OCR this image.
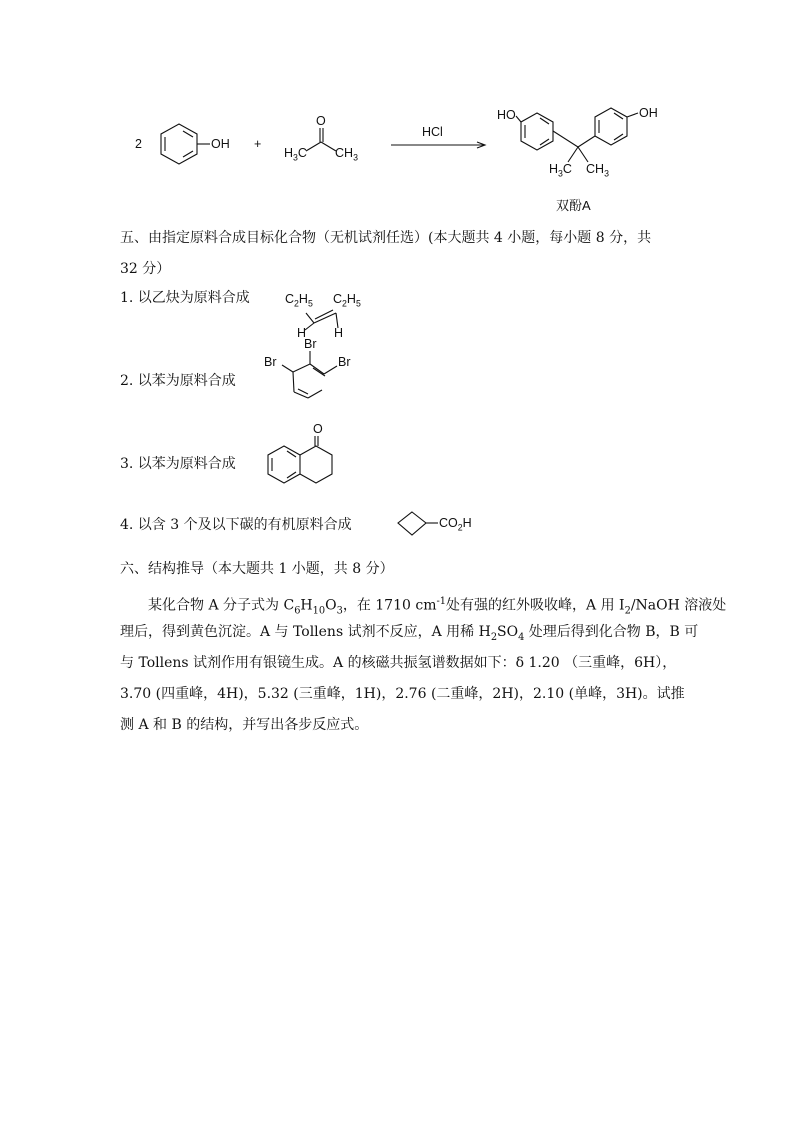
2	OH +
O
$H_3C$ $CH_3$
HCl
HO	OH
$H_3C$ $CH_3$
双酚A
五、由指定原料合成目标化合物（无机试剂任选）(本大题共 4 小题，每小题 8 分，共
32 分）
1. 以乙炔为原料合成	$C_2H_5$ $C_2H_5$
H H
2. 以苯为原料合成
Br
Br	Br
3. 以苯为原料合成
O
4. 以含 3 个及以下碳的有机原料合成	$CO_2H$
六、结构推导（本大题共 1 小题，共 8 分）
某化合物 A 分子式为 $C_6H_{10}O_3$，在 1710 $cm^{-1}$处有强的红外吸收峰，A 用 $I_2$/NaOH 溶液处
理后，得到黄色沉淀。A 与 Tollens 试剂不反应，A 用稀 $H_2SO_4$ 处理后得到化合物 B，B 可
与 Tollens 试剂作用有银镜生成。A 的核磁共振氢谱数据如下：δ 1.20 （三重峰，6H），
3.70 (四重峰，4H)，5.32 (三重峰，1H)，2.76 (二重峰，2H)，2.10 (单峰，3H)。试推
测 A 和 B 的结构，并写出各步反应式。
